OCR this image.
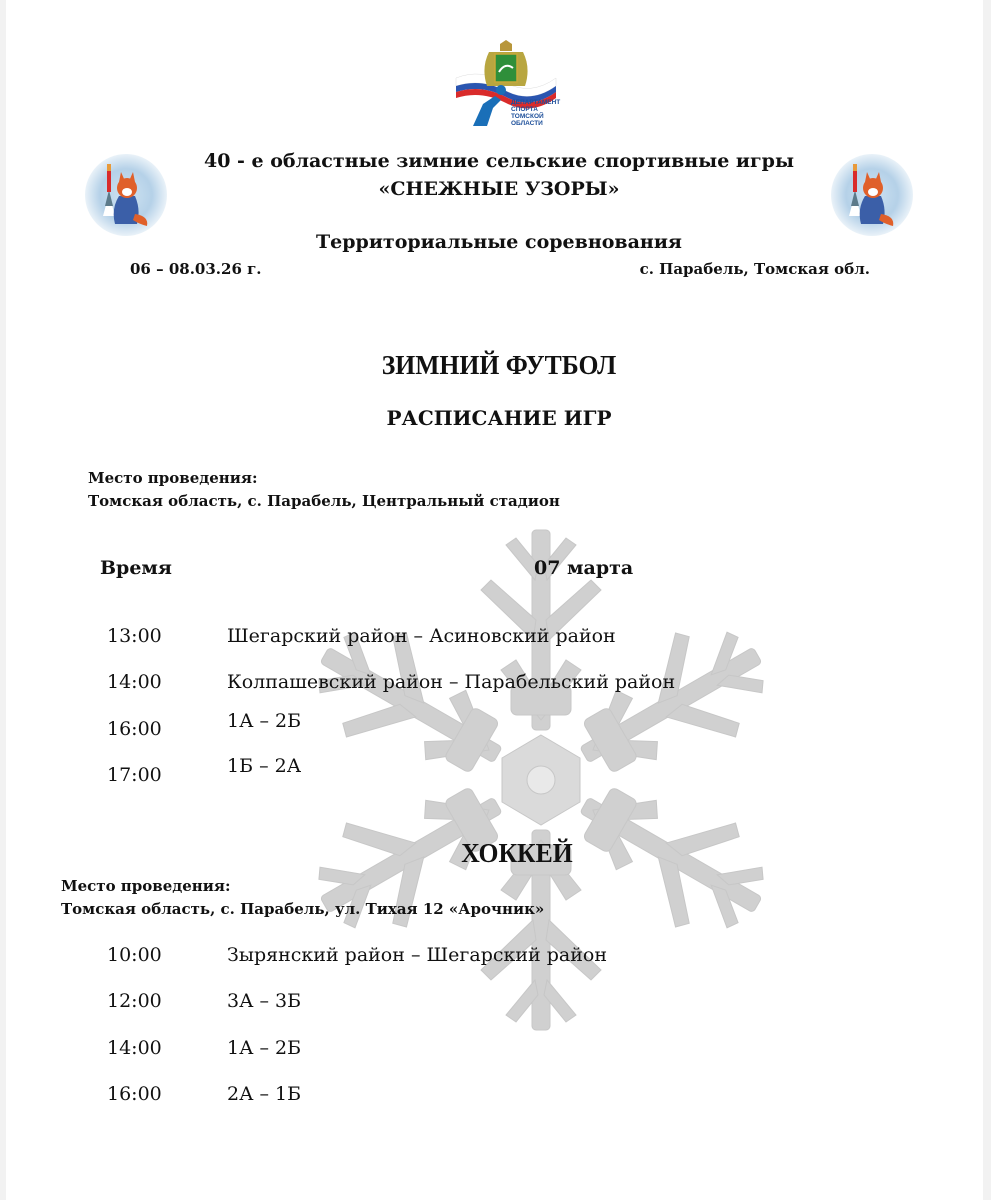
ДЕПАРТАМЕНТ
СПОРТА
ТОМСКОЙ
ОБЛАСТИ
40 - е областные зимние сельские спортивные игры
«СНЕЖНЫЕ УЗОРЫ»
Территориальные соревнования
06 – 08.03.26 г.	с. Парабель, Томская обл.
ЗИМНИЙ ФУТБОЛ
РАСПИСАНИЕ ИГР
Место проведения:
Томская область, с. Парабель, Центральный стадион
Время	07 марта
13:00	Шегарский район – Асиновский район
14:00	Колпашевский район – Парабельский район
16:00	1А – 2Б
17:00	1Б – 2А
ХОККЕЙ
Место проведения:
Томская область, с. Парабель, ул. Тихая 12 «Арочник»
10:00	Зырянский район – Шегарский район
12:00	3А – 3Б
14:00	1А – 2Б
16:00	2А – 1Б
